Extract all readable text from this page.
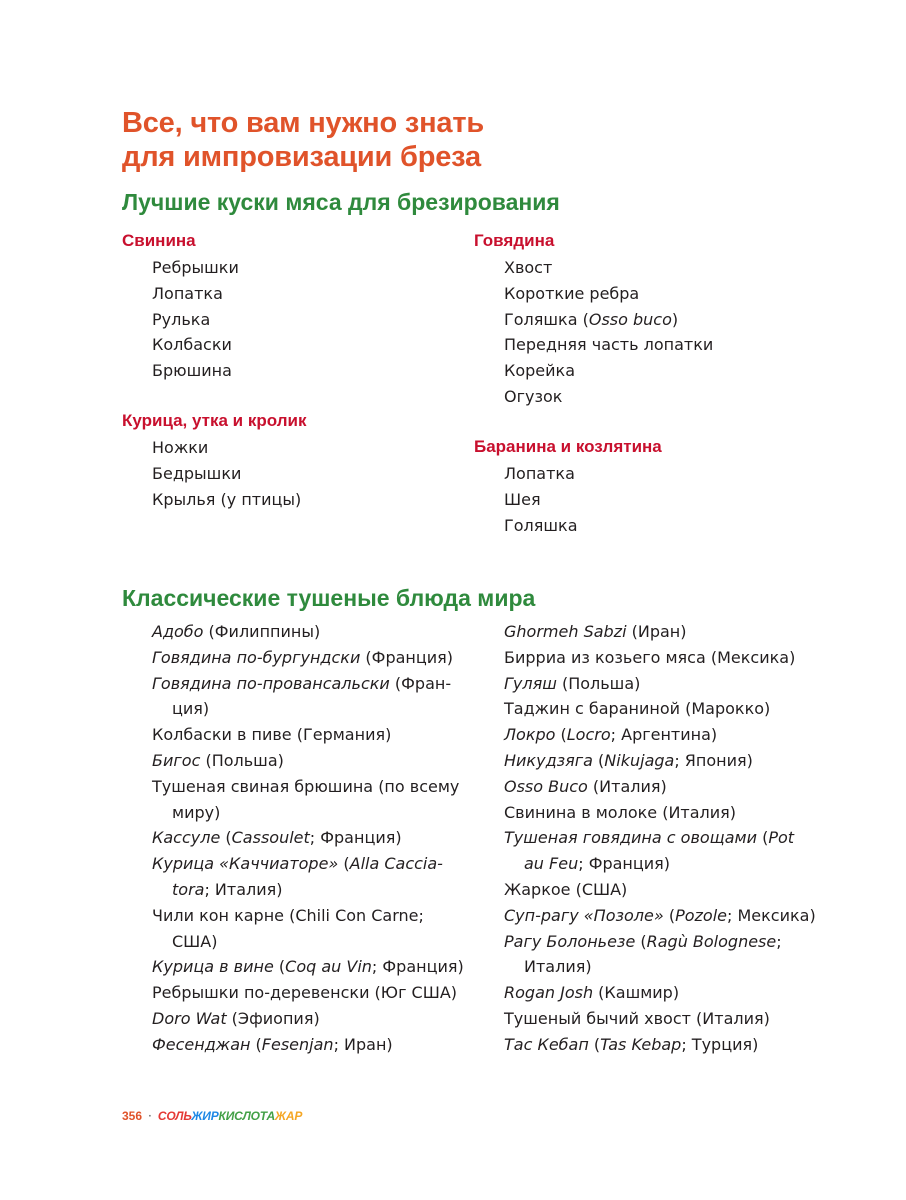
Все, что вам нужно знать
для импровизации бреза
Лучшие куски мяса для брезирования
Свинина
Ребрышки
Лопатка
Рулька
Колбаски
Брюшина
Курица, утка и кролик
Ножки
Бедрышки
Крылья (у птицы)
Говядина
Хвост
Короткие ребра
Голяшка (Osso buco)
Передняя часть лопатки
Корейка
Огузок
Баранина и козлятина
Лопатка
Шея
Голяшка
Классические тушеные блюда мира
Адобо (Филиппины)
Говядина по-бургундски (Франция)
Говядина по-провансальски (Фран-
ция)
Колбаски в пиве (Германия)
Бигос (Польша)
Тушеная свиная брюшина (по всему
миру)
Кассуле (Cassoulet; Франция)
Курица «Каччиаторе» (Alla Caccia-
tora; Италия)
Чили кон карне (Chili Con Carne;
США)
Курица в вине (Coq au Vin; Франция)
Ребрышки по-деревенски (Юг США)
Doro Wat (Эфиопия)
Фесенджан (Fesenjan; Иран)
Ghormeh Sabzi (Иран)
Бирриа из козьего мяса (Мексика)
Гуляш (Польша)
Таджин с бараниной (Марокко)
Локро (Locro; Аргентина)
Никудзяга (Nikujaga; Япония)
Osso Buco (Италия)
Свинина в молоке (Италия)
Тушеная говядина с овощами (Pot
au Feu; Франция)
Жаркое (США)
Суп-рагу «Позоле» (Pozole; Мексика)
Рагу Болоньезе (Ragù Bolognese;
Италия)
Rogan Josh (Кашмир)
Тушеный бычий хвост (Италия)
Тас Кебап (Tas Kebap; Турция)
356 · СОЛЬЖИРКИСЛОТАЖАР
